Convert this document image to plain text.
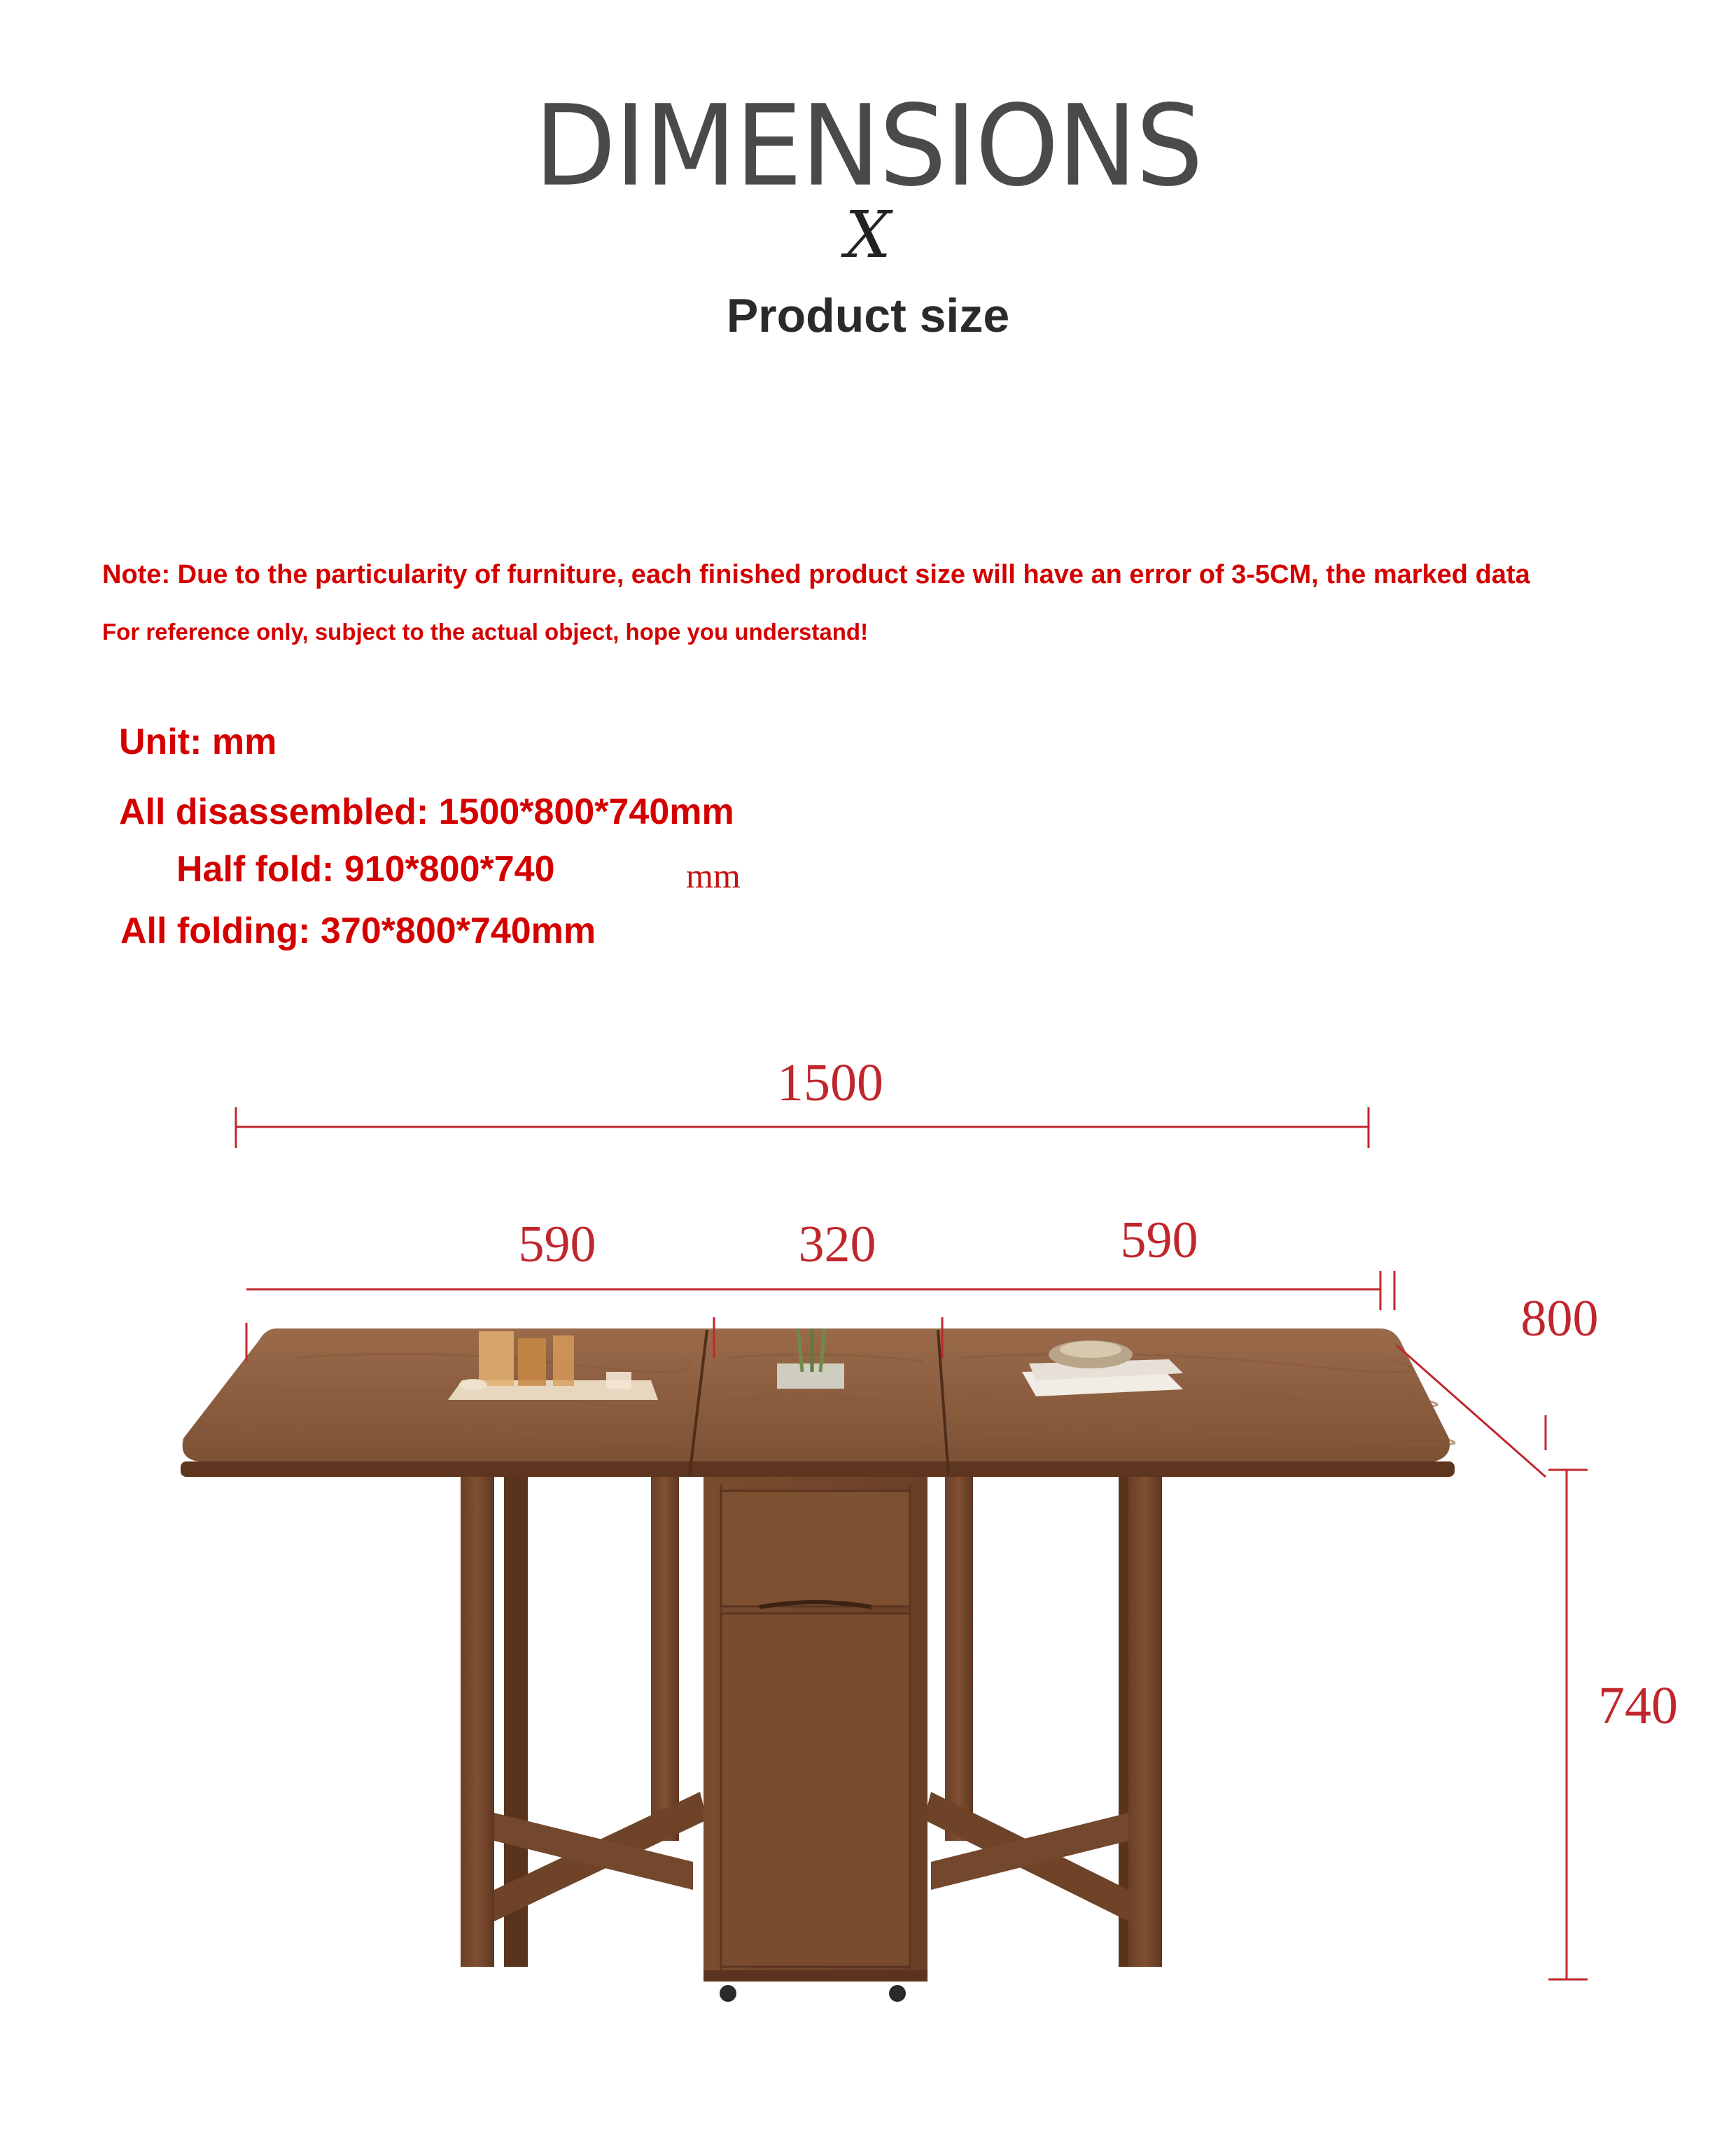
DIMENSIONS
X
Product size
Note: Due to the particularity of furniture, each finished product size will have an error of 3-5CM, the marked data
For reference only, subject to the actual object, hope you understand!
Unit: mm
All disassembled: 1500*800*740mm
Half fold: 910*800*740	mm
All folding: 370*800*740mm
1500
590	320	590
800
740
